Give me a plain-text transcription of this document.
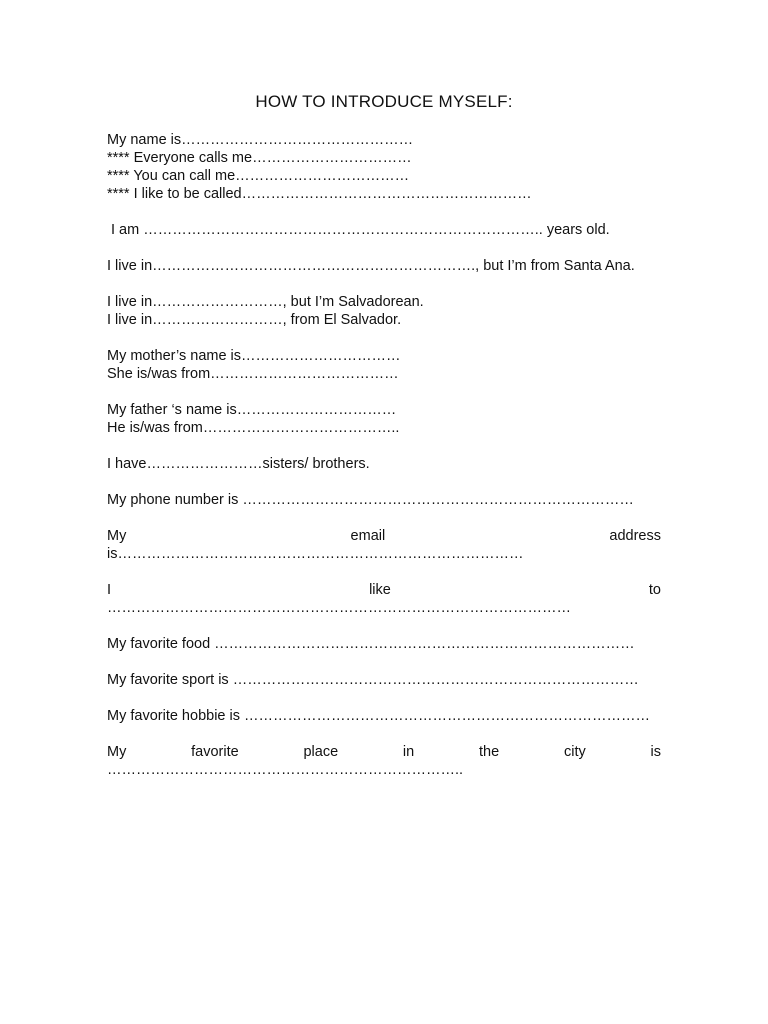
HOW TO INTRODUCE MYSELF:
My name is…………………………………………
**** Everyone calls me……………………………
**** You can call me………………………………
**** I like to be called……………………………………………………
I am ……………………………………………………………………….. years old.
I live in…………………………………………………………., but I’m from Santa Ana.
I live in………………………, but I’m Salvadorean.
I live in………………………, from El Salvador.
My mother’s name is……………………………
She is/was from…………………………………
My father ‘s name is……………………………
He is/was from…………………………………..
I have……………………sisters/ brothers.
My phone number is ………………………………………………………………………
My email address
is…………………………………………………………………………
I like to
……………………………………………………………………………………
My favorite food ……………………………………………………………………………
My favorite sport is …………………………………………………………………………
My favorite hobbie is …………………………………………………………………………
My favorite place in the city is
………………………………………………………………..
